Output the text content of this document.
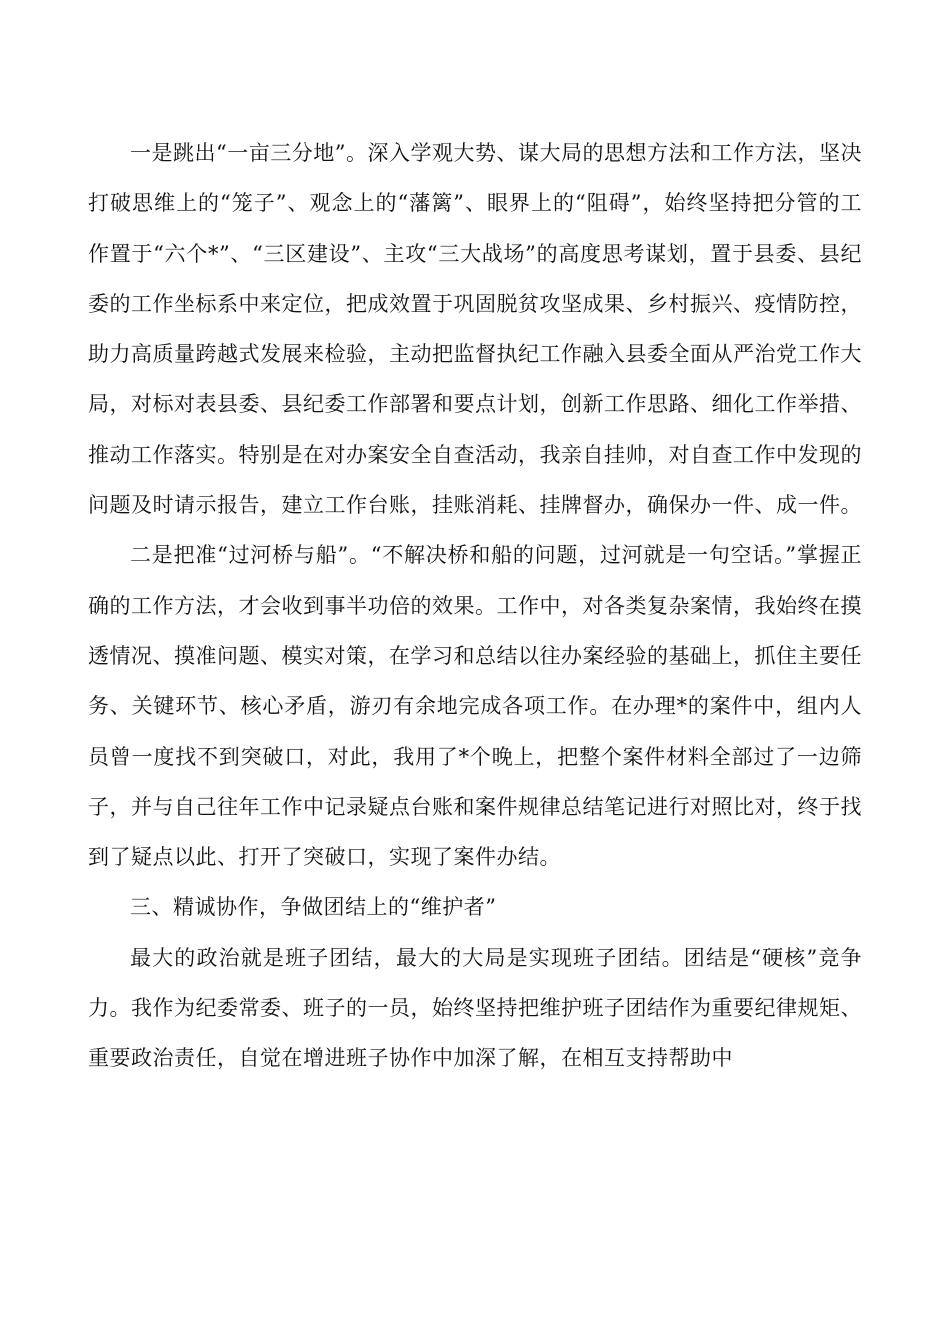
一是跳出“一亩三分地”。深入学观大势、谋大局的思想方法和工作方法，坚决打破思维上的“笼子”、观念上的“藩篱”、眼界上的“阻碍”，始终坚持把分管的工作置于“六个*”、“三区建设”、主攻“三大战场”的高度思考谋划，置于县委、县纪委的工作坐标系中来定位，把成效置于巩固脱贫攻坚成果、乡村振兴、疫情防控，助力高质量跨越式发展来检验，主动把监督执纪工作融入县委全面从严治党工作大局，对标对表县委、县纪委工作部署和要点计划，创新工作思路、细化工作举措、推动工作落实。特别是在对办案安全自查活动，我亲自挂帅，对自查工作中发现的问题及时请示报告，建立工作台账，挂账消耗、挂牌督办，确保办一件、成一件。

二是把准“过河桥与船”。“不解决桥和船的问题，过河就是一句空话。”掌握正确的工作方法，才会收到事半功倍的效果。工作中，对各类复杂案情，我始终在摸透情况、摸准问题、模实对策，在学习和总结以往办案经验的基础上，抓住主要任务、关键环节、核心矛盾，游刃有余地完成各项工作。在办理*的案件中，组内人员曾一度找不到突破口，对此，我用了*个晚上，把整个案件材料全部过了一边筛子，并与自己往年工作中记录疑点台账和案件规律总结笔记进行对照比对，终于找到了疑点以此、打开了突破口，实现了案件办结。

三、精诚协作，争做团结上的“维护者”

最大的政治就是班子团结，最大的大局是实现班子团结。团结是“硬核”竞争力。我作为纪委常委、班子的一员，始终坚持把维护班子团结作为重要纪律规矩、重要政治责任，自觉在增进班子协作中加深了解，在相互支持帮助中
